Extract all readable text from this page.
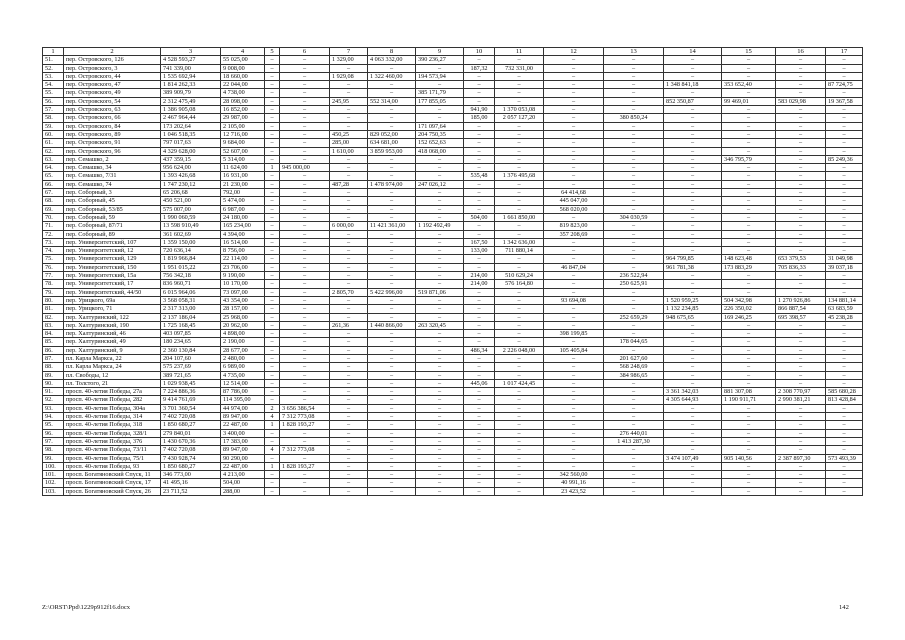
1	2	3	4	5	6	7	8	9	10	11	12	13	14	15	16	17
51.	пер. Островского, 126	4 528 593,27	55 025,00	–	–	1 329,00	4 063 332,00	390 236,27	–	–	–	–	–	–	–	–
52.	пер. Островского, 3	741 339,00	9 008,00	–	–	–	–	–	187,32	732 331,00	–	–	–	–	–	–
53.	пер. Островского, 44	1 535 692,94	18 660,00	–	–	1 929,08	1 322 460,00	194 573,94	–	–	–	–	–	–	–	–
54.	пер. Островского, 47	1 814 262,33	22 044,00	–	–	–	–	–	–	–	–	–	1 348 841,18	353 652,40	–	87 724,75
55.	пер. Островского, 49	389 909,79	4 738,00	–	–	–	–	385 171,79	–	–	–	–	–	–	–	–
56.	пер. Островского, 54	2 312 475,49	28 098,00	–	–	245,95	552 314,00	177 855,05	–	–	–	–	852 350,87	99 469,01	583 029,98	19 367,58
57.	пер. Островского, 63	1 386 905,08	16 852,00	–	–	–	–	–	941,90	1 370 053,08	–	–	–	–	–	–
58.	пер. Островского, 66	2 467 964,44	29 987,00	–	–	–	–	–	185,00	2 057 127,20	–	380 850,24	–	–	–	–
59.	пер. Островского, 84	173 202,64	2 105,00	–	–	–	–	171 097,64	–	–	–	–	–	–	–	–
60.	пер. Островского, 89	1 046 518,35	12 716,00	–	–	450,25	829 052,00	204 750,35	–	–	–	–	–	–	–	–
61.	пер. Островского, 91	797 017,63	9 684,00	–	–	285,00	634 681,00	152 652,63	–	–	–	–	–	–	–	–
62.	пер. Островского, 96	4 329 628,00	52 607,00	–	–	1 610,00	3 859 953,00	418 068,00	–	–	–	–	–	–	–	–
63.	пер. Семашко, 2	437 359,15	5 314,00	–	–	–	–	–	–	–	–	–	–	346 795,79	–	85 249,36
64.	пер. Семашко, 34	956 624,00	11 624,00	1	945 000,00	–	–	–	–	–	–	–	–	–	–	–
65.	пер. Семашко, 7/31	1 393 426,68	16 931,00	–	–	–	–	–	535,48	1 376 495,68	–	–	–	–	–	–
66.	пер. Семашко, 74	1 747 230,12	21 230,00	–	–	487,28	1 478 974,00	247 026,12	–	–	–	–	–	–	–	–
67.	пер. Соборный, 3	65 206,68	792,00	–	–	–	–	–	–	–	64 414,68	–	–	–	–	–
68.	пер. Соборный, 45	450 521,00	5 474,00	–	–	–	–	–	–	–	445 047,00	–	–	–	–	–
69.	пер. Соборный, 53/85	575 007,00	6 987,00	–	–	–	–	–	–	–	568 020,00	–	–	–	–	–
70.	пер. Соборный, 59	1 990 060,59	24 180,00	–	–	–	–	–	504,00	1 661 850,00	–	304 030,59	–	–	–	–
71.	пер. Соборный, 87/71	13 598 910,49	165 234,00	–	–	6 000,00	11 421 361,00	1 192 492,49	–	–	819 823,00	–	–	–	–	–
72.	пер. Соборный, 89	361 602,69	4 394,00	–	–	–	–	–	–	–	357 208,69	–	–	–	–	–
73.	пер. Университетский, 107	1 359 150,00	16 514,00	–	–	–	–	–	167,50	1 342 636,00	–	–	–	–	–	–
74.	пер. Университетский, 12	720 636,14	8 756,00	–	–	–	–	–	133,00	711 880,14	–	–	–	–	–	–
75.	пер. Университетский, 129	1 819 966,84	22 114,00	–	–	–	–	–	–	–	–	–	964 799,85	148 623,48	653 379,53	31 049,98
76.	пер. Университетский, 150	1 951 015,22	23 706,00	–	–	–	–	–	–	–	46 847,04	–	961 781,38	173 883,29	705 836,33	39 037,18
77.	пер. Университетский, 15а	756 342,18	9 190,00	–	–	–	–	–	214,00	510 629,24	–	236 522,94	–	–	–	–
78.	пер. Университетский, 17	836 960,71	10 170,00	–	–	–	–	–	214,00	576 164,80	–	250 625,91	–	–	–	–
79.	пер. Университетский, 44/50	6 015 964,06	73 097,00	–	–	2 805,70	5 422 996,00	519 871,06	–	–	–	–	–	–	–	–
80.	пер. Урицкого, 69а	3 568 058,31	43 354,00	–	–	–	–	–	–	–	93 694,08	–	1 520 959,25	504 342,98	1 270 926,86	134 881,14
81.	пер. Урицкого, 71	2 317 313,00	28 157,00	–	–	–	–	–	–	–	–	–	1 132 234,85	226 350,02	866 887,54	63 683,59
82.	пер. Халтуринский, 122	2 137 186,04	25 968,00	–	–	–	–	–	–	–	–	252 659,29	948 675,65	169 246,25	695 398,57	45 238,28
83.	пер. Халтуринский, 190	1 725 168,45	20 962,00	–	–	261,36	1 440 866,00	263 320,45	–	–	–	–	–	–	–	–
84.	пер. Халтуринский, 46	403 097,85	4 898,00	–	–	–	–	–	–	–	398 199,85	–	–	–	–	–
85.	пер. Халтуринский, 49	180 234,65	2 190,00	–	–	–	–	–	–	–	–	178 044,65	–	–	–	–
86.	пер. Халтуринский, 9	2 360 130,84	28 677,00	–	–	–	–	–	486,34	2 226 048,00	105 405,84	–	–	–	–	–
87.	пл. Карла Маркса, 22	204 107,60	2 480,00	–	–	–	–	–	–	–	–	201 627,60	–	–	–	–
88.	пл. Карла Маркса, 24	575 237,69	6 989,00	–	–	–	–	–	–	–	–	568 248,69	–	–	–	–
89.	пл. Свободы, 12	389 721,65	4 735,00	–	–	–	–	–	–	–	–	384 986,65	–	–	–	–
90.	пл. Толстого, 21	1 029 938,45	12 514,00	–	–	–	–	–	445,06	1 017 424,45	–	–	–	–	–	–
91.	просп. 40-летия Победы, 27а	7 224 886,36	87 786,00	–	–	–	–	–	–	–	–	–	3 361 342,03	881 307,08	2 308 770,97	585 680,28
92.	просп. 40-летия Победы, 282	9 414 761,69	114 395,00	–	–	–	–	–	–	–	–	–	4 305 644,93	1 190 911,71	2 990 381,21	813 428,84
93.	просп. 40-летия Победы, 304а	3 701 360,54	44 974,00	2	3 656 386,54	–	–	–	–	–	–	–	–	–	–	–
94.	просп. 40-летия Победы, 314	7 402 720,08	89 947,00	4	7 312 773,08	–	–	–	–	–	–	–	–	–	–	–
95.	просп. 40-летия Победы, 318	1 850 680,27	22 487,00	1	1 828 193,27	–	–	–	–	–	–	–	–	–	–	–
96.	просп. 40-летия Победы, 328/1	279 840,01	3 400,00	–	–	–	–	–	–	–	–	276 440,01	–	–	–	–
97.	просп. 40-летия Победы, 376	1 430 670,36	17 383,00	–	–	–	–	–	–	–	–	1 413 287,30	–	–	–	–
98.	просп. 40-летия Победы, 73/11	7 402 720,08	89 947,00	4	7 312 773,08	–	–	–	–	–	–	–	–	–	–	–
99.	просп. 40-летия Победы, 75/1	7 430 928,74	90 290,00	–	–	–	–	–	–	–	–	–	3 474 107,49	905 140,56	2 387 897,30	573 493,39
100.	просп. 40-летия Победы, 93	1 850 680,27	22 487,00	1	1 828 193,27	–	–	–	–	–	–	–	–	–	–	–
101.	просп. Богатяновский Спуск, 11	346 773,00	4 213,00	–	–	–	–	–	–	–	342 560,00	–	–	–	–	–
102.	просп. Богатяновский Спуск, 17	41 495,16	504,00	–	–	–	–	–	–	–	40 991,16	–	–	–	–	–
103.	просп. Богатяновский Спуск, 26	23 711,52	288,00	–	–	–	–	–	–	–	23 423,52	–	–	–	–	–
Z:\ORST\Ppd\1229p912f16.docx	142
